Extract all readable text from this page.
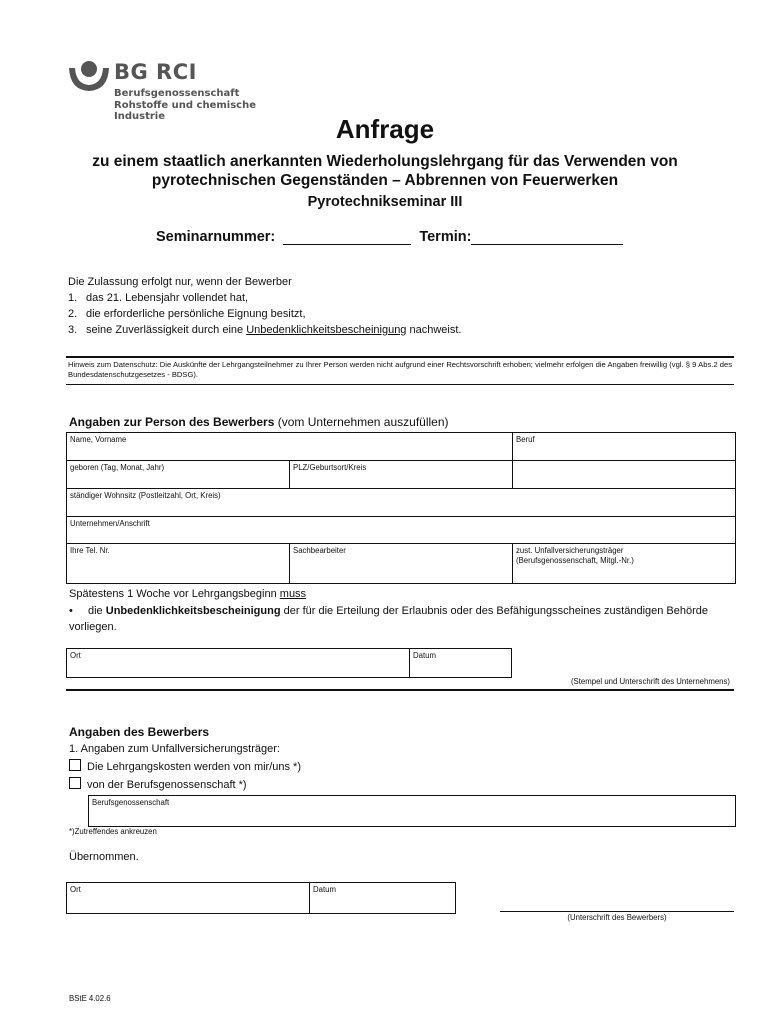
BG RCI
Berufsgenossenschaft
Rohstoffe und chemische Industrie	Anfrage
zu einem staatlich anerkannten Wiederholungslehrgang für das Verwenden von
pyrotechnischen Gegenständen – Abbrennen von Feuerwerken
Pyrotechnikseminar III
Seminarnummer:	Termin:
Die Zulassung erfolgt nur, wenn der Bewerber
1. das 21. Lebensjahr vollendet hat,
2. die erforderliche persönliche Eignung besitzt,
3. seine Zuverlässigkeit durch eine Unbedenklichkeitsbescheinigung nachweist.
Hinweis zum Datenschutz: Die Auskünfte der Lehrgangsteilnehmer zu Ihrer Person werden nicht aufgrund einer Rechtsvorschrift erhoben; vielmehr erfolgen die Angaben freiwillig (vgl. § 9 Abs.2 des Bundesdatenschutzgesetzes - BDSG).
Angaben zur Person des Bewerbers (vom Unternehmen auszufüllen)
Name, Vorname	Beruf
geboren (Tag, Monat, Jahr)	PLZ/Geburtsort/Kreis
ständiger Wohnsitz (Postleitzahl, Ort, Kreis)
Unternehmen/Anschrift
Ihre Tel. Nr.	Sachbearbeiter	zust. Unfallversicherungsträger
(Berufsgenossenschaft, Mitgl.-Nr.)
Spätestens 1 Woche vor Lehrgangsbeginn muss
• die Unbedenklichkeitsbescheinigung der für die Erteilung der Erlaubnis oder des Befähigungsscheines zuständigen Behörde
vorliegen.
Ort	Datum
(Stempel und Unterschrift des Unternehmens)
Angaben des Bewerbers
1. Angaben zum Unfallversicherungsträger:
Die Lehrgangskosten werden von mir/uns *)
von der Berufsgenossenschaft *)
Berufsgenossenschaft
*)Zutreffendes ankreuzen
Übernommen.
Ort	Datum
(Unterschrift des Bewerbers)
BStE 4.02.6
